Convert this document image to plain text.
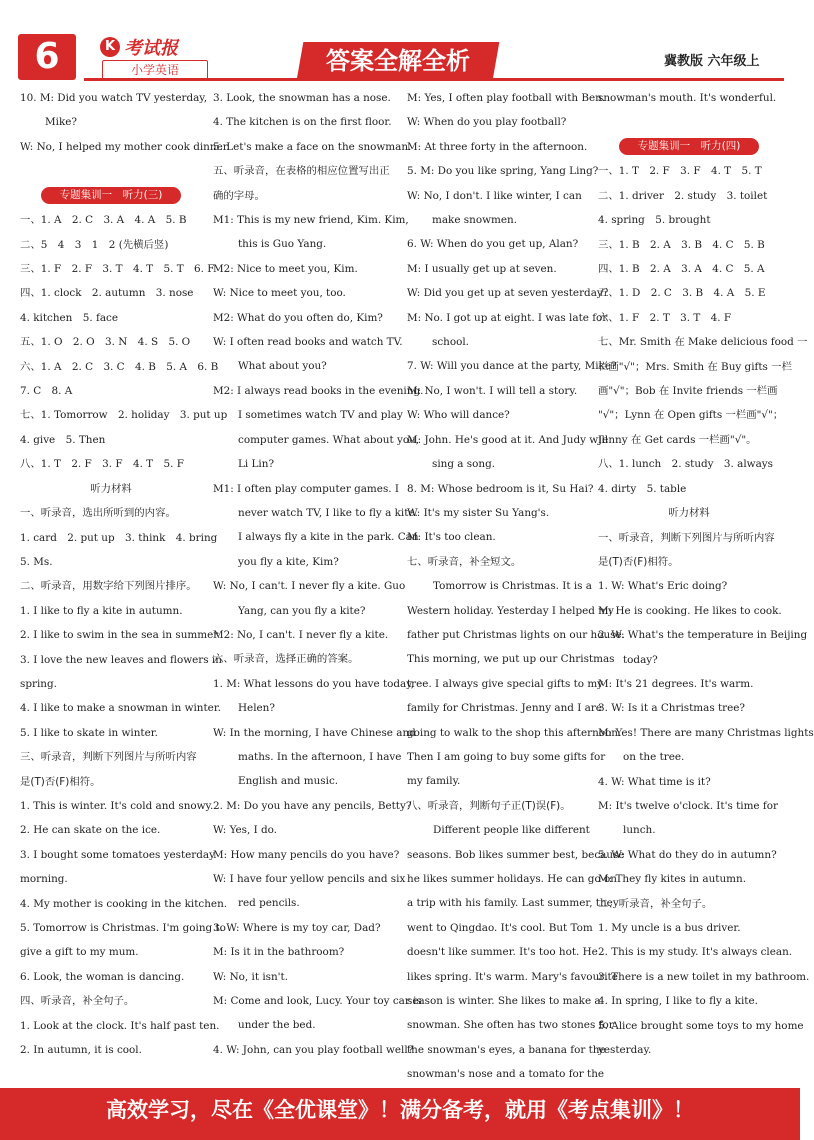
6	K 考试报
小学英语	答案全解全析	冀教版 六年级上
10. M: Did you watch TV yesterday,
Mike?
W: No, I helped my mother cook dinner.
专题集训一　听力(三)
一、1. A　2. C　3. A　4. A　5. B
二、5　4　3　1　2 (先横后竖)
三、1. F　2. F　3. T　4. T　5. T　6. F
四、1. clock　2. autumn　3. nose
4. kitchen　5. face
五、1. O　2. O　3. N　4. S　5. O
六、1. A　2. C　3. C　4. B　5. A　6. B
7. C　8. A
七、1. Tomorrow　2. holiday　3. put up
4. give　5. Then
八、1. T　2. F　3. F　4. T　5. F
听力材料
一、听录音，选出所听到的内容。
1. card　2. put up　3. think　4. bring
5. Ms.
二、听录音，用数字给下列图片排序。
1. I like to fly a kite in autumn.
2. I like to swim in the sea in summer.
3. I love the new leaves and flowers in
spring.
4. I like to make a snowman in winter.
5. I like to skate in winter.
三、听录音，判断下列图片与所听内容
是(T)否(F)相符。
1. This is winter. It's cold and snowy.
2. He can skate on the ice.
3. I bought some tomatoes yesterday
morning.
4. My mother is cooking in the kitchen.
5. Tomorrow is Christmas. I'm going to
give a gift to my mum.
6. Look, the woman is dancing.
四、听录音，补全句子。
1. Look at the clock. It's half past ten.
2. In autumn, it is cool.
3. Look, the snowman has a nose.
4. The kitchen is on the first floor.
5. Let's make a face on the snowman.
五、听录音，在表格的相应位置写出正
确的字母。
M1: This is my new friend, Kim. Kim,
this is Guo Yang.
M2: Nice to meet you, Kim.
W: Nice to meet you, too.
M2: What do you often do, Kim?
W: I often read books and watch TV.
What about you?
M2: I always read books in the evening.
I sometimes watch TV and play
computer games. What about you,
Li Lin?
M1: I often play computer games. I
never watch TV, I like to fly a kite.
I always fly a kite in the park. Can
you fly a kite, Kim?
W: No, I can't. I never fly a kite. Guo
Yang, can you fly a kite?
M2: No, I can't. I never fly a kite.
六、听录音，选择正确的答案。
1. M: What lessons do you have today,
Helen?
W: In the morning, I have Chinese and
maths. In the afternoon, I have
English and music.
2. M: Do you have any pencils, Betty?
W: Yes, I do.
M: How many pencils do you have?
W: I have four yellow pencils and six
red pencils.
3. W: Where is my toy car, Dad?
M: Is it in the bathroom?
W: No, it isn't.
M: Come and look, Lucy. Your toy car is
under the bed.
4. W: John, can you play football well?
M: Yes, I often play football with Ben.
W: When do you play football?
M: At three forty in the afternoon.
5. M: Do you like spring, Yang Ling?
W: No, I don't. I like winter, I can
make snowmen.
6. W: When do you get up, Alan?
M: I usually get up at seven.
W: Did you get up at seven yesterday?
M: No. I got up at eight. I was late for
school.
7. W: Will you dance at the party, Mike?
M: No, I won't. I will tell a story.
W: Who will dance?
M: John. He's good at it. And Judy will
sing a song.
8. M: Whose bedroom is it, Su Hai?
W: It's my sister Su Yang's.
M: It's too clean.
七、听录音，补全短文。
Tomorrow is Christmas. It is a
Western holiday. Yesterday I helped my
father put Christmas lights on our house.
This morning, we put up our Christmas
tree. I always give special gifts to my
family for Christmas. Jenny and I are
going to walk to the shop this afternoon.
Then I am going to buy some gifts for
my family.
八、听录音，判断句子正(T)误(F)。
Different people like different
seasons. Bob likes summer best, because
he likes summer holidays. He can go on
a trip with his family. Last summer, they
went to Qingdao. It's cool. But Tom
doesn't like summer. It's too hot. He
likes spring. It's warm. Mary's favourite
season is winter. She likes to make a
snowman. She often has two stones for
the snowman's eyes, a banana for the
snowman's nose and a tomato for the
snowman's mouth. It's wonderful.
专题集训一　听力(四)
一、1. T　2. F　3. F　4. T　5. T
二、1. driver　2. study　3. toilet
4. spring　5. brought
三、1. B　2. A　3. B　4. C　5. B
四、1. B　2. A　3. A　4. C　5. A
五、1. D　2. C　3. B　4. A　5. E
六、1. F　2. T　3. T　4. F
七、Mr. Smith 在 Make delicious food 一
栏画"√"；Mrs. Smith 在 Buy gifts 一栏
画"√"；Bob 在 Invite friends 一栏画
"√"；Lynn 在 Open gifts 一栏画"√"；
Jenny 在 Get cards 一栏画"√"。
八、1. lunch　2. study　3. always
4. dirty　5. table
听力材料
一、听录音，判断下列图片与所听内容
是(T)否(F)相符。
1. W: What's Eric doing?
M: He is cooking. He likes to cook.
2. W: What's the temperature in Beijing
today?
M: It's 21 degrees. It's warm.
3. W: Is it a Christmas tree?
M: Yes! There are many Christmas lights
on the tree.
4. W: What time is it?
M: It's twelve o'clock. It's time for
lunch.
5. W: What do they do in autumn?
M: They fly kites in autumn.
二、听录音，补全句子。
1. My uncle is a bus driver.
2. This is my study. It's always clean.
3. There is a new toilet in my bathroom.
4. In spring, I like to fly a kite.
5. Alice brought some toys to my home
yesterday.
高效学习，尽在《全优课堂》！满分备考，就用《考点集训》！
